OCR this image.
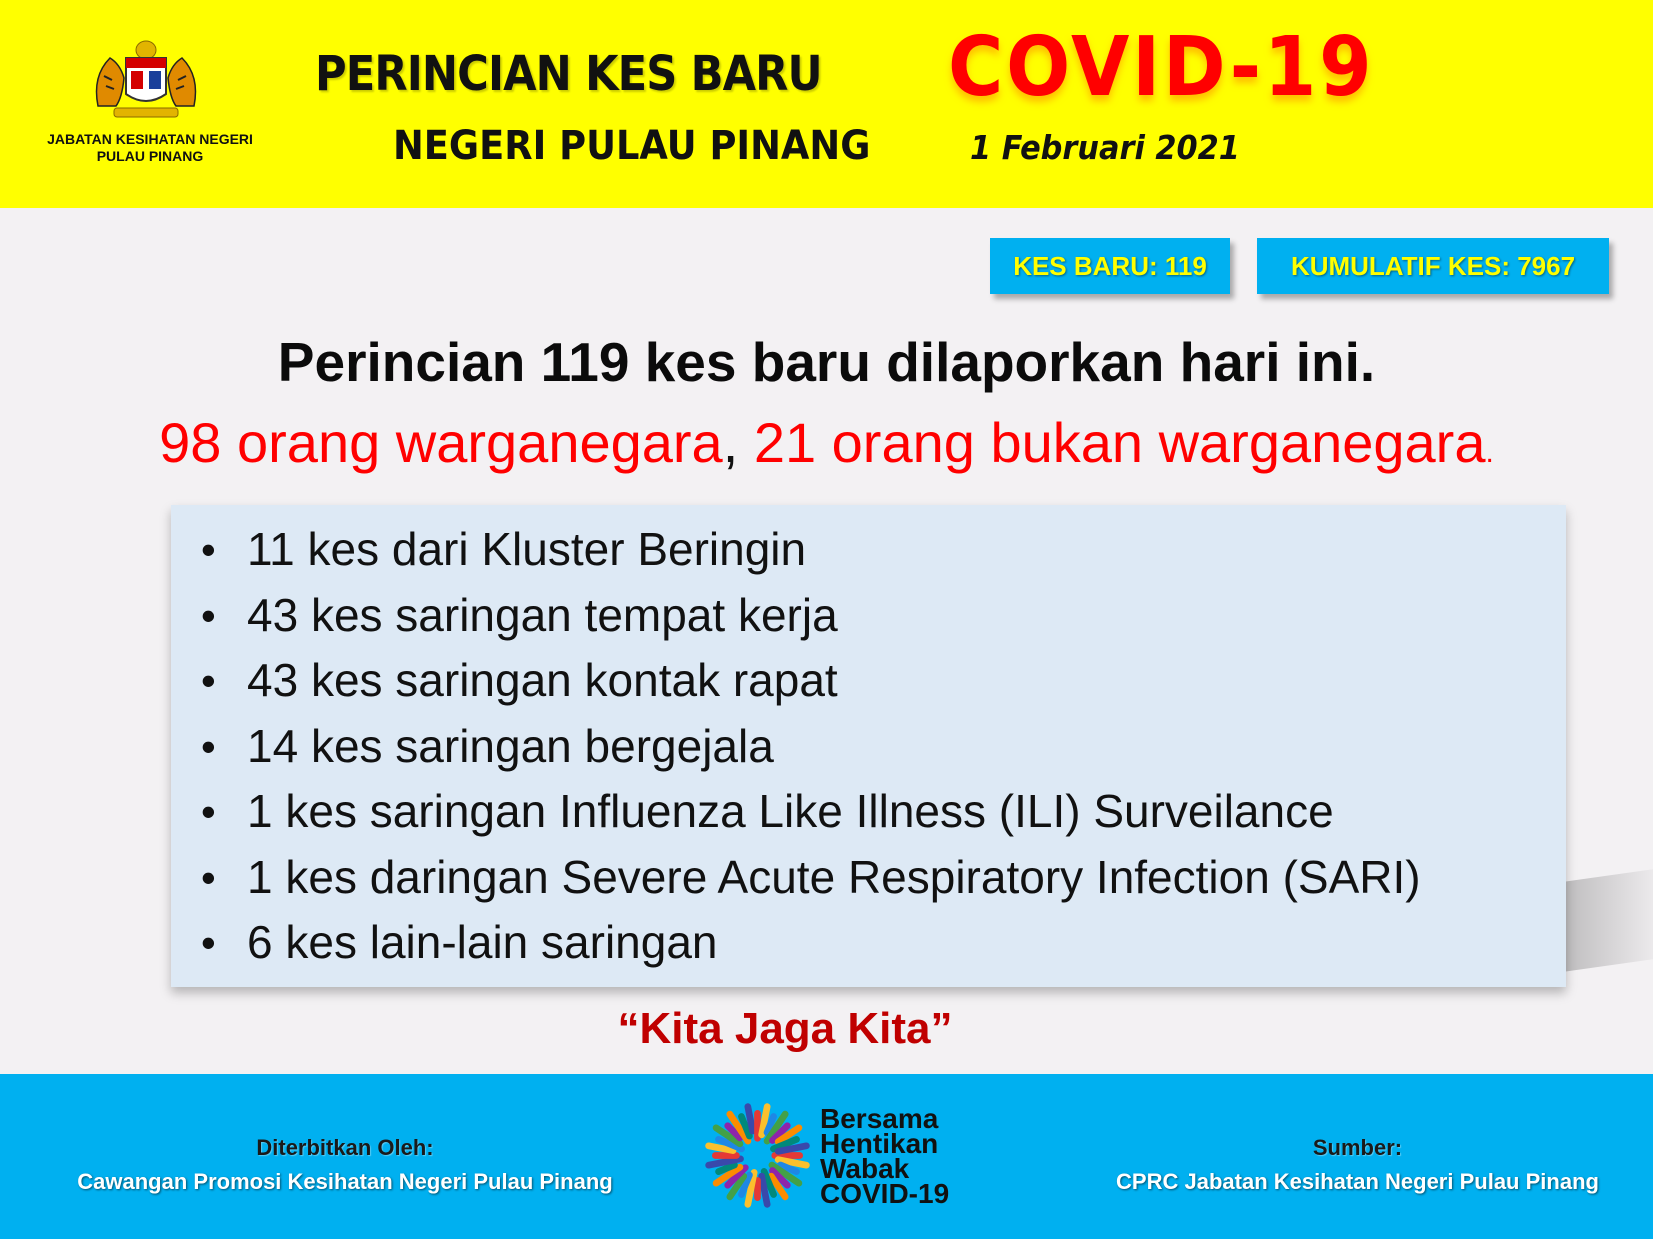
JABATAN KESIHATAN NEGERI
PULAU PINANG
PERINCIAN KES BARU COVID-19
NEGERI PULAU PINANG	1 Februari 2021
KES BARU: 119	KUMULATIF KES: 7967
Perincian 119 kes baru dilaporkan hari ini.
98 orang warganegara, 21 orang bukan warganegara.
• 11 kes dari Kluster Beringin
• 43 kes saringan tempat kerja
• 43 kes saringan kontak rapat
• 14 kes saringan bergejala
• 1 kes saringan Influenza Like Illness (ILI) Surveilance
• 1 kes daringan Severe Acute Respiratory Infection (SARI)
• 6 kes lain-lain saringan
“Kita Jaga Kita”
Diterbitkan Oleh:
Cawangan Promosi Kesihatan Negeri Pulau Pinang
Bersama
Hentikan
Wabak
COVID-19
Sumber:
CPRC Jabatan Kesihatan Negeri Pulau Pinang
